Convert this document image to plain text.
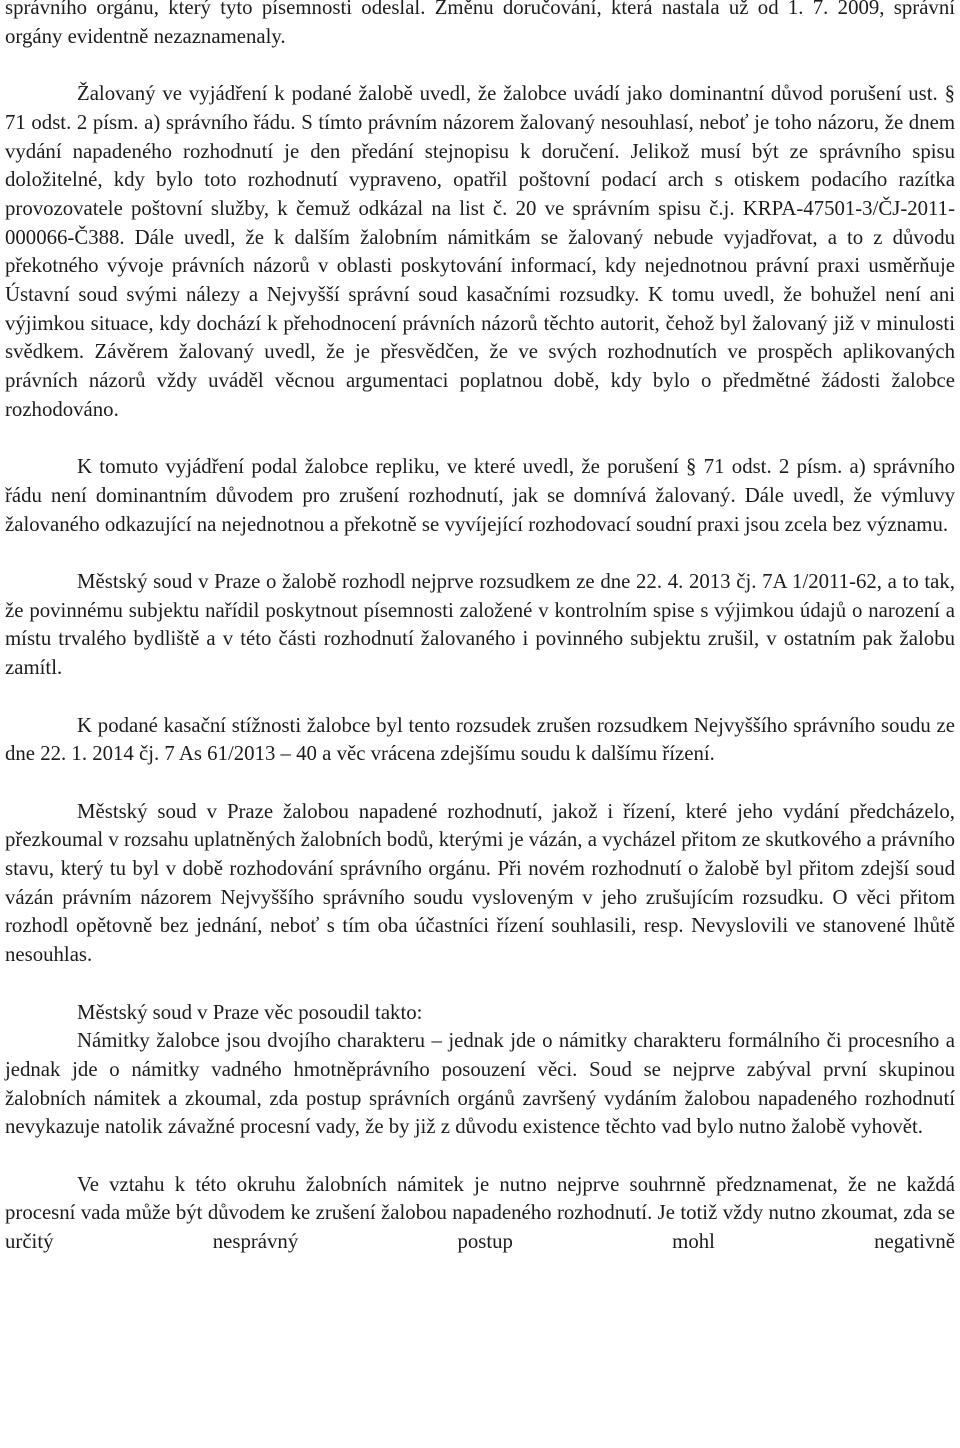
správního orgánu, který tyto písemnosti odeslal. Změnu doručování, která nastala už od 1. 7. 2009, správní orgány evidentně nezaznamenaly.

Žalovaný ve vyjádření k podané žalobě uvedl, že žalobce uvádí jako dominantní důvod porušení ust. § 71 odst. 2 písm. a) správního řádu. S tímto právním názorem žalovaný nesouhlasí, neboť je toho názoru, že dnem vydání napadeného rozhodnutí je den předání stejnopisu k doručení. Jelikož musí být ze správního spisu doložitelné, kdy bylo toto rozhodnutí vypraveno, opatřil poštovní podací arch s otiskem podacího razítka provozovatele poštovní služby, k čemuž odkázal na list č. 20 ve správním spisu č.j. KRPA-47501-3/ČJ-2011-000066-Č388. Dále uvedl, že k dalším žalobním námitkám se žalovaný nebude vyjadřovat, a to z důvodu překotného vývoje právních názorů v oblasti poskytování informací, kdy nejednotnou právní praxi usměrňuje Ústavní soud svými nálezy a Nejvyšší správní soud kasačními rozsudky. K tomu uvedl, že bohužel není ani výjimkou situace, kdy dochází k přehodnocení právních názorů těchto autorit, čehož byl žalovaný již v minulosti svědkem. Závěrem žalovaný uvedl, že je přesvědčen, že ve svých rozhodnutích ve prospěch aplikovaných právních názorů vždy uváděl věcnou argumentaci poplatnou době, kdy bylo o předmětné žádosti žalobce rozhodováno.

K tomuto vyjádření podal žalobce repliku, ve které uvedl, že porušení § 71 odst. 2 písm. a) správního řádu není dominantním důvodem pro zrušení rozhodnutí, jak se domnívá žalovaný. Dále uvedl, že výmluvy žalovaného odkazující na nejednotnou a překotně se vyvíjející rozhodovací soudní praxi jsou zcela bez významu.

Městský soud v Praze o žalobě rozhodl nejprve rozsudkem ze dne 22. 4. 2013 čj. 7A 1/2011-62, a to tak, že povinnému subjektu nařídil poskytnout písemnosti založené v kontrolním spise s výjimkou údajů o narození a místu trvalého bydliště a v této části rozhodnutí žalovaného i povinného subjektu zrušil, v ostatním pak žalobu zamítl.

K podané kasační stížnosti žalobce byl tento rozsudek zrušen rozsudkem Nejvyššího správního soudu ze dne 22. 1. 2014 čj. 7 As 61/2013 – 40 a věc vrácena zdejšímu soudu k dalšímu řízení.

Městský soud v Praze žalobou napadené rozhodnutí, jakož i řízení, které jeho vydání předcházelo, přezkoumal v rozsahu uplatněných žalobních bodů, kterými je vázán, a vycházel přitom ze skutkového a právního stavu, který tu byl v době rozhodování správního orgánu. Při novém rozhodnutí o žalobě byl přitom zdejší soud vázán právním názorem Nejvyššího správního soudu vysloveným v jeho zrušujícím rozsudku. O věci přitom rozhodl opětovně bez jednání, neboť s tím oba účastníci řízení souhlasili, resp. Nevyslovili ve stanovené lhůtě nesouhlas.

Městský soud v Praze věc posoudil takto:

Námitky žalobce jsou dvojího charakteru – jednak jde o námitky charakteru formálního či procesního a jednak jde o námitky vadného hmotněprávního posouzení věci. Soud se nejprve zabýval první skupinou žalobních námitek a zkoumal, zda postup správních orgánů završený vydáním žalobou napadeného rozhodnutí nevykazuje natolik závažné procesní vady, že by již z důvodu existence těchto vad bylo nutno žalobě vyhovět.

Ve vztahu k této okruhu žalobních námitek je nutno nejprve souhrnně předznamenat, že ne každá procesní vada může být důvodem ke zrušení žalobou napadeného rozhodnutí. Je totiž vždy nutno zkoumat, zda se určitý nesprávný postup mohl negativně
